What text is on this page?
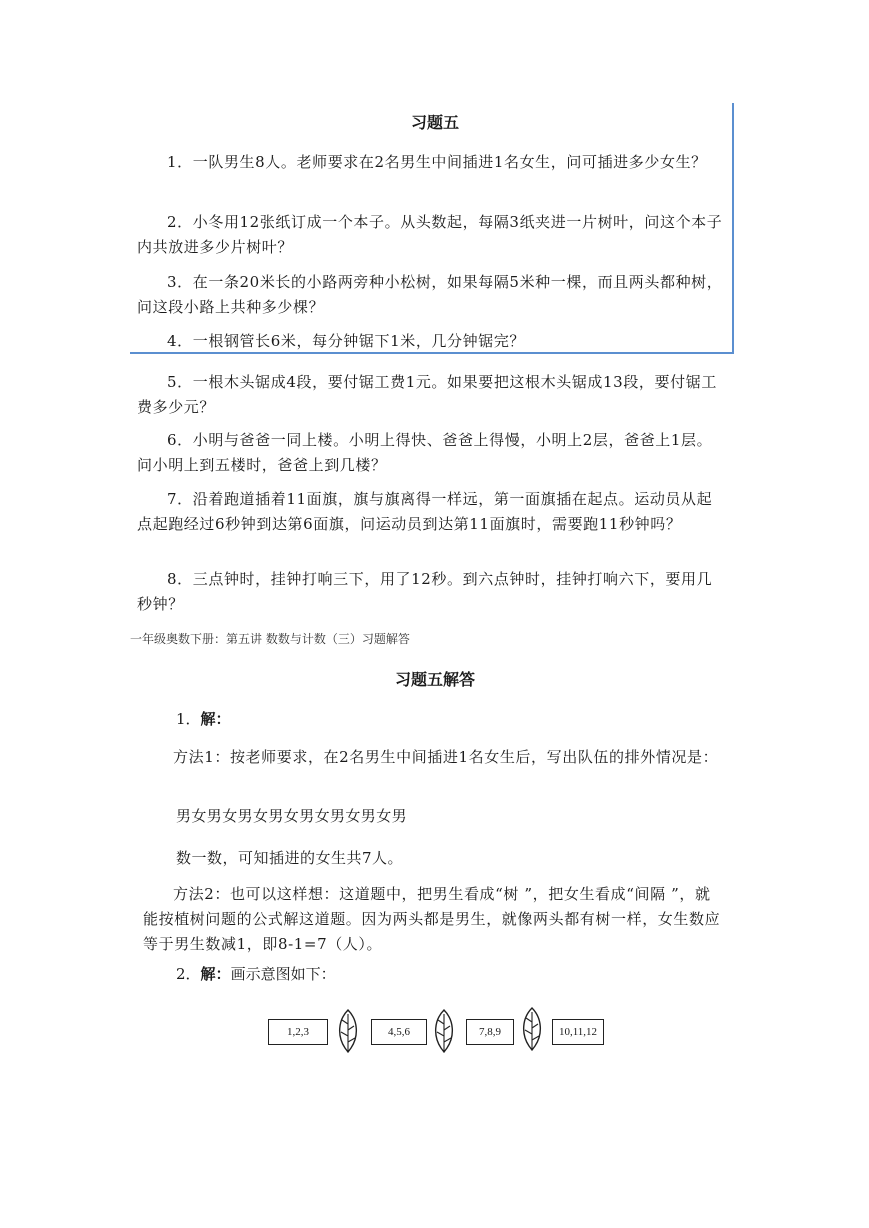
习题五

1．一队男生8人。老师要求在2名男生中间插进1名女生，问可插进多少女生？

2．小冬用12张纸订成一个本子。从头数起，每隔3纸夹进一片树叶，问这个本子内共放进多少片树叶？

3．在一条20米长的小路两旁种小松树，如果每隔5米种一棵，而且两头都种树，问这段小路上共种多少棵？

4．一根钢管长6米，每分钟锯下1米，几分钟锯完？

5．一根木头锯成4段，要付锯工费1元。如果要把这根木头锯成13段，要付锯工费多少元？

6．小明与爸爸一同上楼。小明上得快、爸爸上得慢，小明上2层，爸爸上1层。问小明上到五楼时，爸爸上到几楼？

7．沿着跑道插着11面旗，旗与旗离得一样远，第一面旗插在起点。运动员从起点起跑经过6秒钟到达第6面旗，问运动员到达第11面旗时，需要跑11秒钟吗？

8．三点钟时，挂钟打响三下，用了12秒。到六点钟时，挂钟打响六下，要用几秒钟？

一年级奥数下册：第五讲 数数与计数（三）习题解答
习题五解答
1．解：

方法1：按老师要求，在2名男生中间插进1名女生后，写出队伍的排外情况是：

男女男女男女男女男女男女男女男
数一数，可知插进的女生共7人。

方法2：也可以这样想：这道题中，把男生看成“树 ”，把女生看成“间隔 ”，就能按植树问题的公式解这道题。因为两头都是男生，就像两头都有树一样，女生数应等于男生数减1，即8-1=7（人）。

2．解：画示意图如下：
1,2,3	4,5,6	7,8,9	10,11,12
